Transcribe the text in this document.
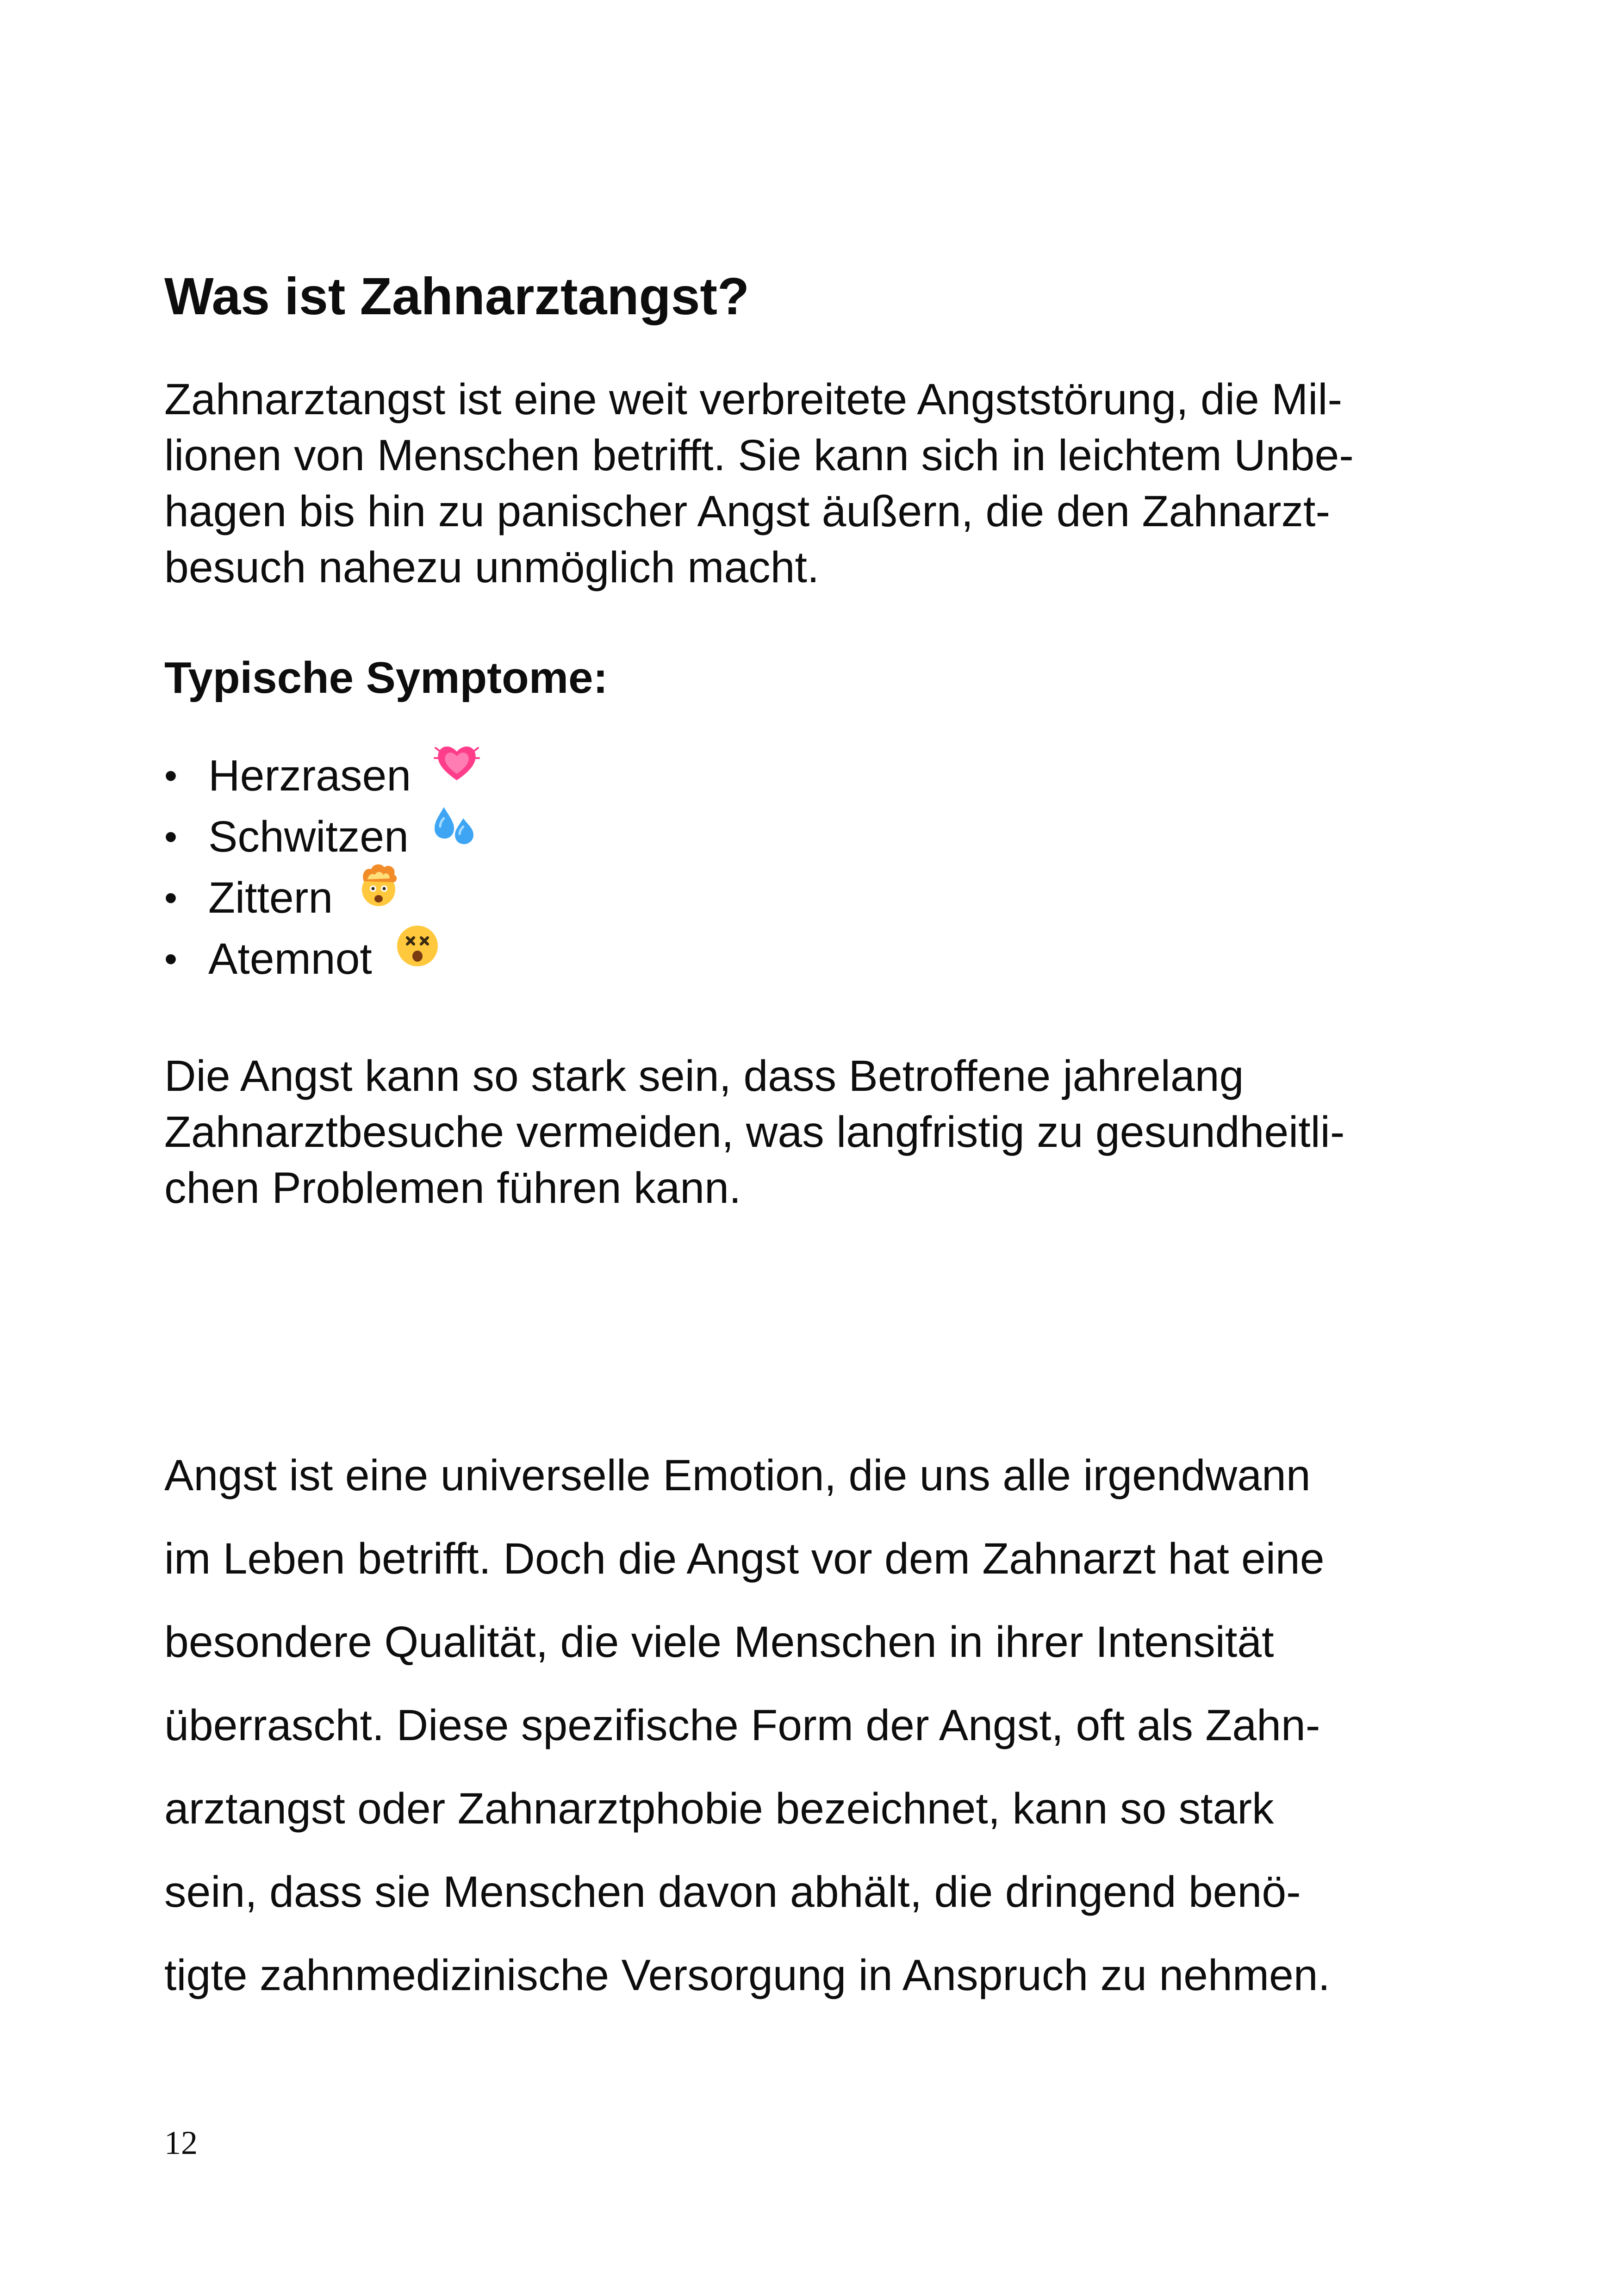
Was ist Zahnarztangst?

Zahnarztangst ist eine weit verbreitete Angststörung, die Mil-
lionen von Menschen betrifft. Sie kann sich in leichtem Unbe-
hagen bis hin zu panischer Angst äußern, die den Zahnarzt-
besuch nahezu unmöglich macht.

Typische Symptome:
• Herzrasen
• Schwitzen
• Zittern
• Atemnot

Die Angst kann so stark sein, dass Betroffene jahrelang
Zahnarztbesuche vermeiden, was langfristig zu gesundheitli-
chen Problemen führen kann.

Angst ist eine universelle Emotion, die uns alle irgendwann
im Leben betrifft. Doch die Angst vor dem Zahnarzt hat eine
besondere Qualität, die viele Menschen in ihrer Intensität
überrascht. Diese spezifische Form der Angst, oft als Zahn-
arztangst oder Zahnarztphobie bezeichnet, kann so stark
sein, dass sie Menschen davon abhält, die dringend benö-
tigte zahnmedizinische Versorgung in Anspruch zu nehmen.

12
